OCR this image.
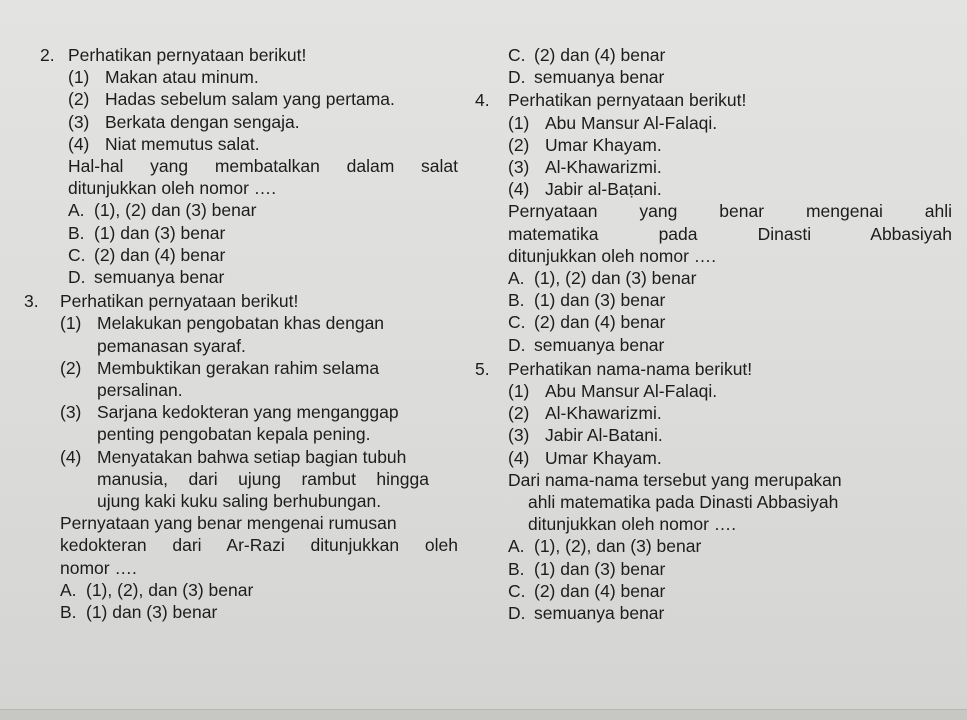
2. Perhatikan pernyataan berikut!
(1) Makan atau minum.
(2) Hadas sebelum salam yang pertama.
(3) Berkata dengan sengaja.
(4) Niat memutus salat.
Hal-hal yang membatalkan dalam salat
ditunjukkan oleh nomor ….
A. (1), (2) dan (3) benar
B. (1) dan (3) benar
C. (2) dan (4) benar
D. semuanya benar
3. Perhatikan pernyataan berikut!
(1) Melakukan pengobatan khas dengan
pemanasan syaraf.
(2) Membuktikan gerakan rahim selama
persalinan.
(3) Sarjana kedokteran yang menganggap
penting pengobatan kepala pening.
(4) Menyatakan bahwa setiap bagian tubuh
manusia, dari ujung rambut hingga
ujung kaki kuku saling berhubungan.
Pernyataan yang benar mengenai rumusan
kedokteran dari Ar-Razi ditunjukkan oleh
nomor ….
A. (1), (2), dan (3) benar
B. (1) dan (3) benar
C. (2) dan (4) benar
D. semuanya benar
4. Perhatikan pernyataan berikut!
(1) Abu Mansur Al-Falaqi.
(2) Umar Khayam.
(3) Al-Khawarizmi.
(4) Jabir al-Baṭani.
Pernyataan yang benar mengenai ahli
matematika pada Dinasti Abbasiyah
ditunjukkan oleh nomor ….
A. (1), (2) dan (3) benar
B. (1) dan (3) benar
C. (2) dan (4) benar
D. semuanya benar
5. Perhatikan nama-nama berikut!
(1) Abu Mansur Al-Falaqi.
(2) Al-Khawarizmi.
(3) Jabir Al-Batani.
(4) Umar Khayam.
Dari nama-nama tersebut yang merupakan
ahli matematika pada Dinasti Abbasiyah
ditunjukkan oleh nomor ….
A. (1), (2), dan (3) benar
B. (1) dan (3) benar
C. (2) dan (4) benar
D. semuanya benar
